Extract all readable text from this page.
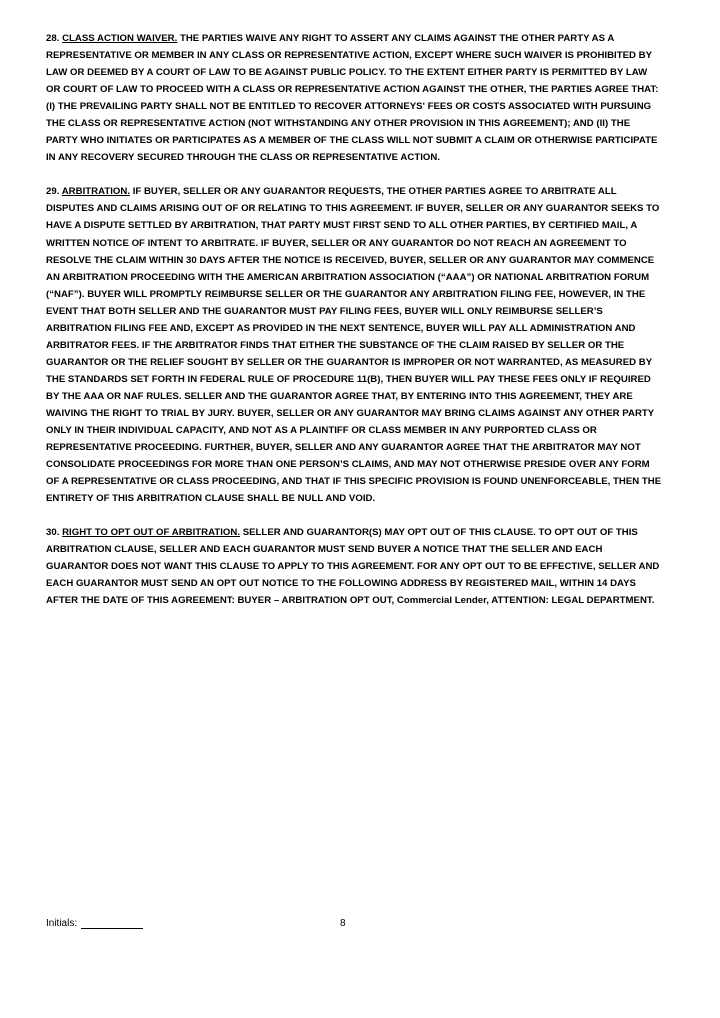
28. CLASS ACTION WAIVER. THE PARTIES WAIVE ANY RIGHT TO ASSERT ANY CLAIMS AGAINST THE OTHER PARTY AS A REPRESENTATIVE OR MEMBER IN ANY CLASS OR REPRESENTATIVE ACTION, EXCEPT WHERE SUCH WAIVER IS PROHIBITED BY LAW OR DEEMED BY A COURT OF LAW TO BE AGAINST PUBLIC POLICY. TO THE EXTENT EITHER PARTY IS PERMITTED BY LAW OR COURT OF LAW TO PROCEED WITH A CLASS OR REPRESENTATIVE ACTION AGAINST THE OTHER, THE PARTIES AGREE THAT: (I) THE PREVAILING PARTY SHALL NOT BE ENTITLED TO RECOVER ATTORNEYS' FEES OR COSTS ASSOCIATED WITH PURSUING THE CLASS OR REPRESENTATIVE ACTION (NOT WITHSTANDING ANY OTHER PROVISION IN THIS AGREEMENT); AND (II) THE PARTY WHO INITIATES OR PARTICIPATES AS A MEMBER OF THE CLASS WILL NOT SUBMIT A CLAIM OR OTHERWISE PARTICIPATE IN ANY RECOVERY SECURED THROUGH THE CLASS OR REPRESENTATIVE ACTION.

29. ARBITRATION. IF BUYER, SELLER OR ANY GUARANTOR REQUESTS, THE OTHER PARTIES AGREE TO ARBITRATE ALL DISPUTES AND CLAIMS ARISING OUT OF OR RELATING TO THIS AGREEMENT. IF BUYER, SELLER OR ANY GUARANTOR SEEKS TO HAVE A DISPUTE SETTLED BY ARBITRATION, THAT PARTY MUST FIRST SEND TO ALL OTHER PARTIES, BY CERTIFIED MAIL, A WRITTEN NOTICE OF INTENT TO ARBITRATE. IF BUYER, SELLER OR ANY GUARANTOR DO NOT REACH AN AGREEMENT TO RESOLVE THE CLAIM WITHIN 30 DAYS AFTER THE NOTICE IS RECEIVED, BUYER, SELLER OR ANY GUARANTOR MAY COMMENCE AN ARBITRATION PROCEEDING WITH THE AMERICAN ARBITRATION ASSOCIATION (“AAA”) OR NATIONAL ARBITRATION FORUM (“NAF”). BUYER WILL PROMPTLY REIMBURSE SELLER OR THE GUARANTOR ANY ARBITRATION FILING FEE, HOWEVER, IN THE EVENT THAT BOTH SELLER AND THE GUARANTOR MUST PAY FILING FEES, BUYER WILL ONLY REIMBURSE SELLER’S ARBITRATION FILING FEE AND, EXCEPT AS PROVIDED IN THE NEXT SENTENCE, BUYER WILL PAY ALL ADMINISTRATION AND ARBITRATOR FEES. IF THE ARBITRATOR FINDS THAT EITHER THE SUBSTANCE OF THE CLAIM RAISED BY SELLER OR THE GUARANTOR OR THE RELIEF SOUGHT BY SELLER OR THE GUARANTOR IS IMPROPER OR NOT WARRANTED, AS MEASURED BY THE STANDARDS SET FORTH IN FEDERAL RULE OF PROCEDURE 11(B), THEN BUYER WILL PAY THESE FEES ONLY IF REQUIRED BY THE AAA OR NAF RULES. SELLER AND THE GUARANTOR AGREE THAT, BY ENTERING INTO THIS AGREEMENT, THEY ARE WAIVING THE RIGHT TO TRIAL BY JURY. BUYER, SELLER OR ANY GUARANTOR MAY BRING CLAIMS AGAINST ANY OTHER PARTY ONLY IN THEIR INDIVIDUAL CAPACITY, AND NOT AS A PLAINTIFF OR CLASS MEMBER IN ANY PURPORTED CLASS OR REPRESENTATIVE PROCEEDING. FURTHER, BUYER, SELLER AND ANY GUARANTOR AGREE THAT THE ARBITRATOR MAY NOT CONSOLIDATE PROCEEDINGS FOR MORE THAN ONE PERSON’S CLAIMS, AND MAY NOT OTHERWISE PRESIDE OVER ANY FORM OF A REPRESENTATIVE OR CLASS PROCEEDING, AND THAT IF THIS SPECIFIC PROVISION IS FOUND UNENFORCEABLE, THEN THE ENTIRETY OF THIS ARBITRATION CLAUSE SHALL BE NULL AND VOID.

30. RIGHT TO OPT OUT OF ARBITRATION. SELLER AND GUARANTOR(S) MAY OPT OUT OF THIS CLAUSE. TO OPT OUT OF THIS ARBITRATION CLAUSE, SELLER AND EACH GUARANTOR MUST SEND BUYER A NOTICE THAT THE SELLER AND EACH GUARANTOR DOES NOT WANT THIS CLAUSE TO APPLY TO THIS AGREEMENT. FOR ANY OPT OUT TO BE EFFECTIVE, SELLER AND EACH GUARANTOR MUST SEND AN OPT OUT NOTICE TO THE FOLLOWING ADDRESS BY REGISTERED MAIL, WITHIN 14 DAYS AFTER THE DATE OF THIS AGREEMENT: BUYER – ARBITRATION OPT OUT, Commercial Lender, ATTENTION: LEGAL DEPARTMENT.

Initials:	8
